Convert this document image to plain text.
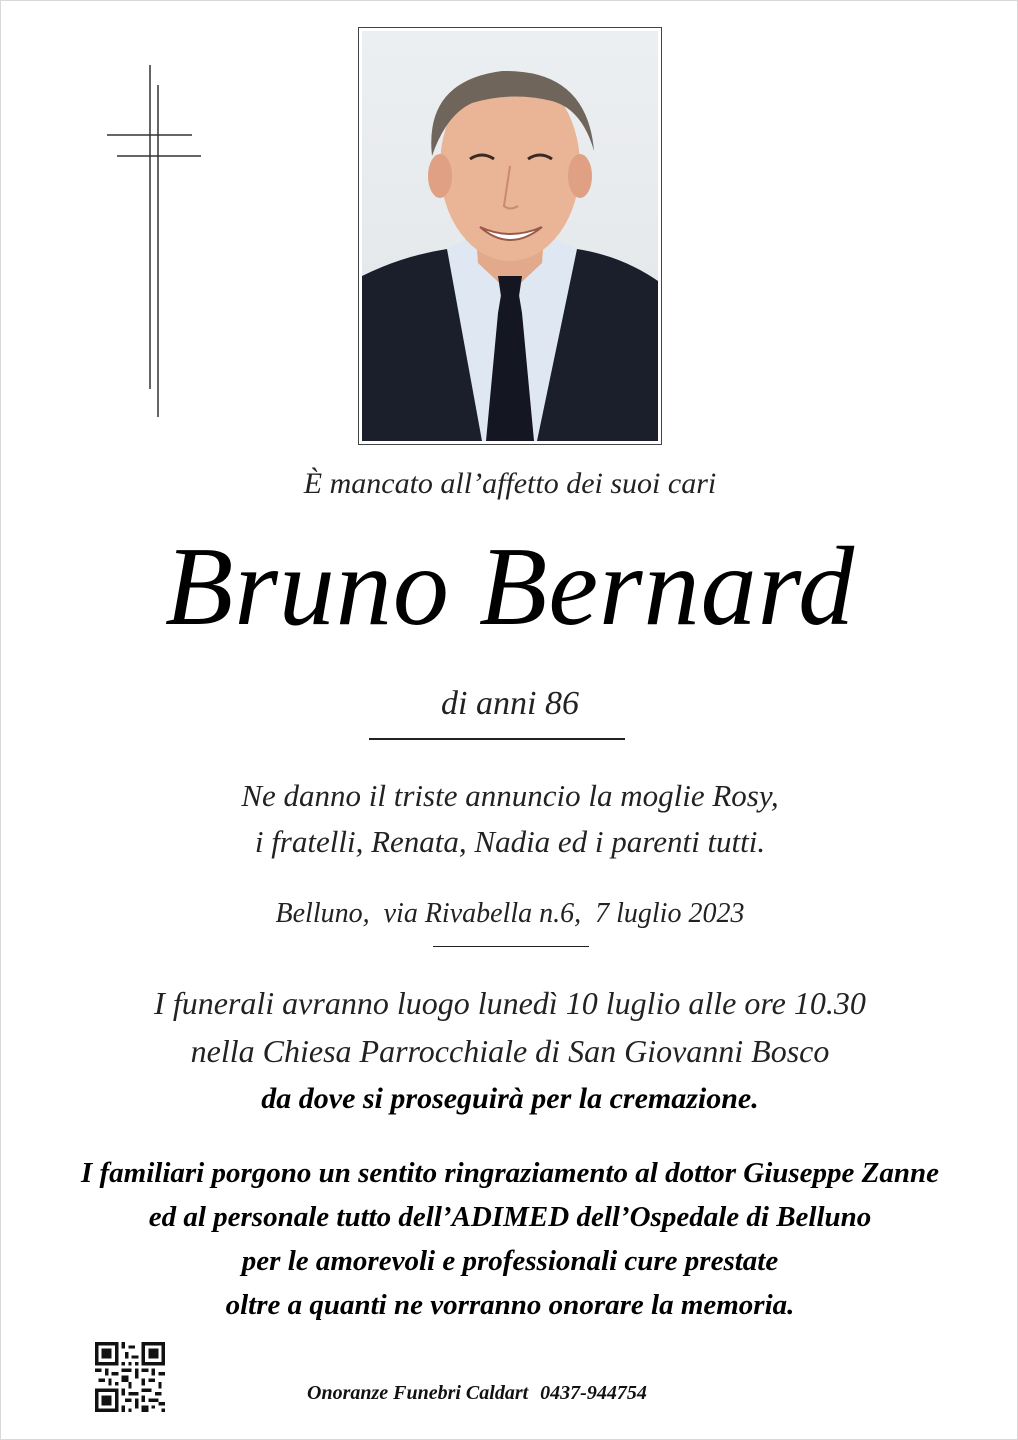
È mancato all’affetto dei suoi cari
Bruno Bernard
di anni 86
Ne danno il triste annuncio la moglie Rosy,
i fratelli, Renata, Nadia ed i parenti tutti.
Belluno, via Rivabella n.6, 7 luglio 2023
I funerali avranno luogo lunedì 10 luglio alle ore 10.30
nella Chiesa Parrocchiale di San Giovanni Bosco
da dove si proseguirà per la cremazione.
I familiari porgono un sentito ringraziamento al dottor Giuseppe Zanne
ed al personale tutto dell’ADIMED dell’Ospedale di Belluno
per le amorevoli e professionali cure prestate
oltre a quanti ne vorranno onorare la memoria.
Onoranze Funebri Caldart 0437-944754
